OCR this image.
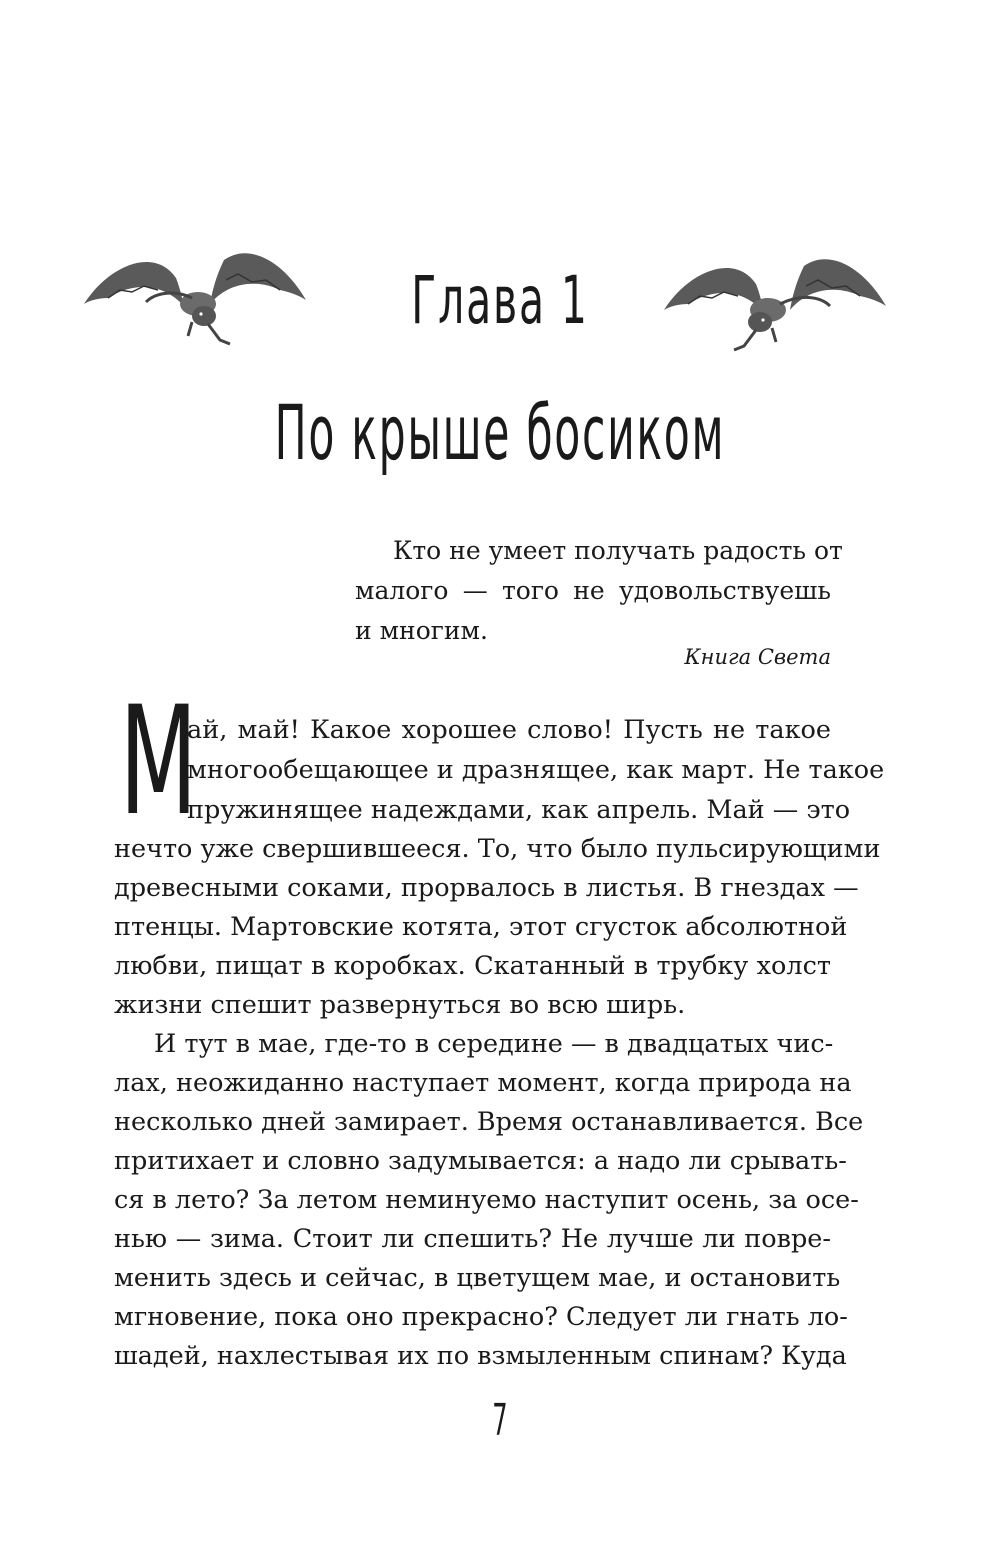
Глава 1
По крыше босиком
Кто не умеет получать радость от
малого — того не удовольствуешь
и многим.
Книга Света
М
ай, май! Какое хорошее слово! Пусть не такое
многообещающее и дразнящее, как март. Не такое
пружинящее надеждами, как апрель. Май — это
нечто уже свершившееся. То, что было пульсирующими
древесными соками, прорвалось в листья. В гнездах —
птенцы. Мартовские котята, этот сгусток абсолютной
любви, пищат в коробках. Скатанный в трубку холст
жизни спешит развернуться во всю ширь.
И тут в мае, где-то в середине — в двадцатых чис-
лах, неожиданно наступает момент, когда природа на
несколько дней замирает. Время останавливается. Все
притихает и словно задумывается: а надо ли срывать-
ся в лето? За летом неминуемо наступит осень, за осе-
нью — зима. Стоит ли спешить? Не лучше ли повре-
менить здесь и сейчас, в цветущем мае, и остановить
мгновение, пока оно прекрасно? Следует ли гнать ло-
шадей, нахлестывая их по взмыленным спинам? Куда
7
